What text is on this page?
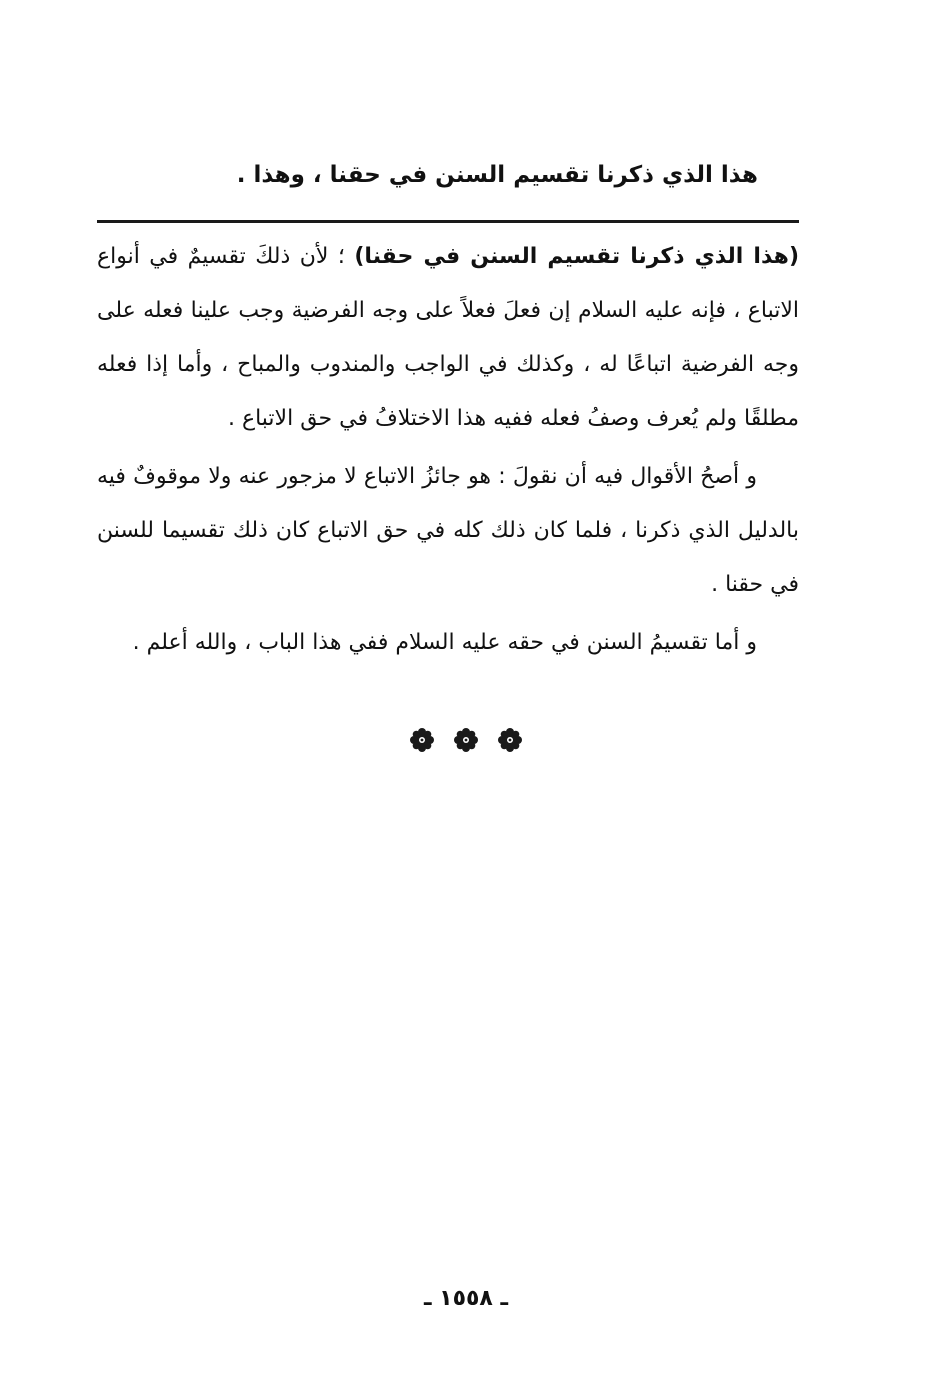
هذا الذي ذكرنا تقسيم السنن في حقنا ، وهذا .

(هذا الذي ذكرنا تقسيم السنن في حقنا) ؛ لأن ذلكَ تقسيمٌ في أنواع الاتباع ، فإنه عليه السلام إن فعلَ فعلاً على وجه الفرضية وجب علينا فعله على وجه الفرضية اتباعًا له ، وكذلك في الواجب والمندوب والمباح ، وأما إذا فعله مطلقًا ولم يُعرف وصفُ فعله ففيه هذا الاختلافُ في حق الاتباع .

و أصحُ الأقوال فيه أن نقولَ : هو جائزُ الاتباع لا مزجور عنه ولا موقوفٌ فيه بالدليل الذي ذكرنا ، فلما كان ذلك كله في حق الاتباع كان ذلك تقسيما للسنن في حقنا .

و أما تقسيمُ السنن في حقه عليه السلام ففي هذا الباب ، والله أعلم .

ـ ١٥٥٨ ـ
